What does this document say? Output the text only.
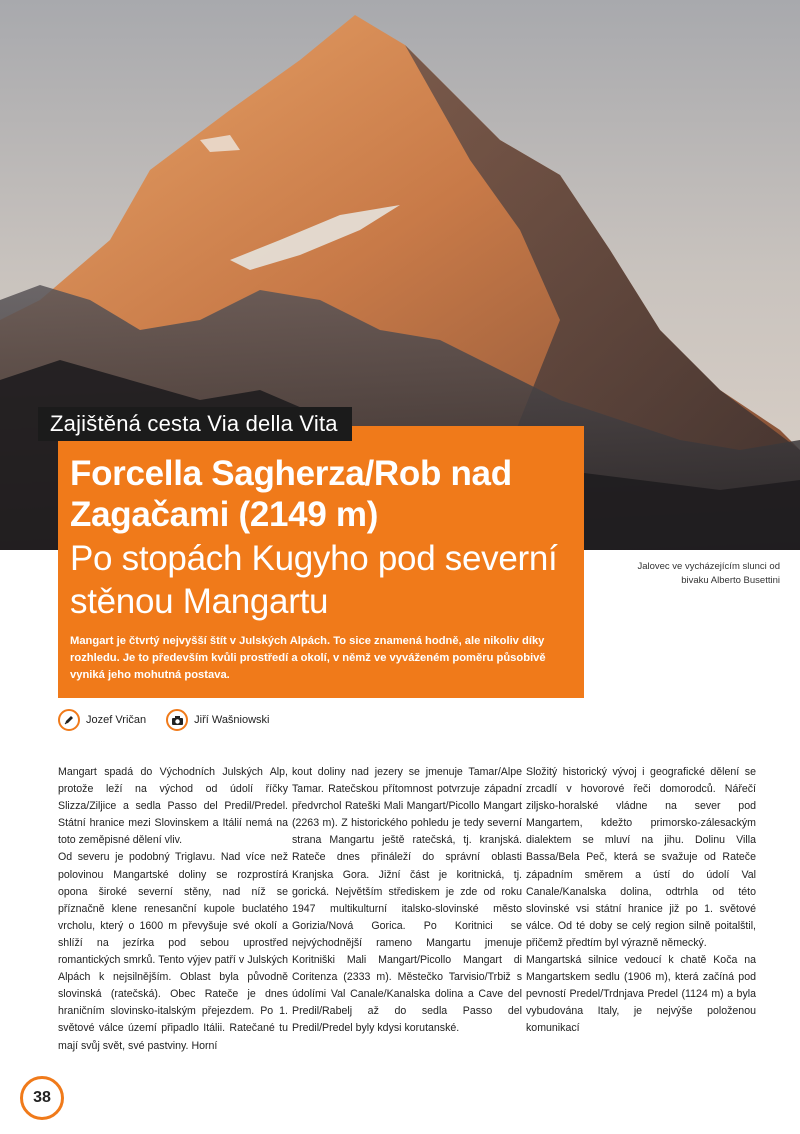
Zajištěná cesta Via della Vita
Forcella Sagherza/Rob nad Zagačami (2149 m)
Po stopách Kugyho pod severní stěnou Mangartu
Mangart je čtvrtý nejvyšší štít v Julských Alpách. To sice znamená hodně, ale nikoliv díky rozhledu. Je to především kvůli prostředí a okolí, v němž ve vyváženém poměru působivě vyniká jeho mohutná postava.
Jalovec ve vycházejícím slunci od bivaku Alberto Busettini
Jozef Vričan	Jiří Wašniowski

Mangart spadá do Východních Julských Alp, protože leží na východ od údolí říčky Slizza/Ziljice a sedla Passo del Predil/Predel. Státní hranice mezi Slovinskem a Itálií nemá na toto zeměpisné dělení vliv.

Od severu je podobný Triglavu. Nad více než polovinou Mangartské doliny se rozprostírá opona široké severní stěny, nad níž se příznačně klene renesanční kupole buclatého vrcholu, který o 1600 m převyšuje své okolí a shlíží na jezírka pod sebou uprostřed romantických smrků. Tento výjev patří v Julských Alpách k nejsilnějším. Oblast byla původně slovinská (ratečská). Obec Rateče je dnes hraničním slovinsko-italským přejezdem. Po 1. světové válce území připadlo Itálii. Ratečané tu mají svůj svět, své pastviny. Horní

kout doliny nad jezery se jmenuje Tamar/Alpe Tamar. Ratečskou přítomnost potvrzuje západní předvrchol Rateški Mali Mangart/Picollo Mangart (2263 m). Z historického pohledu je tedy severní strana Mangartu ještě ratečská, tj. kranjská. Rateče dnes přináleží do správní oblasti Kranjska Gora. Jižní část je koritnická, tj. gorická. Největším střediskem je zde od roku 1947 multikulturní italsko-slovinské město Gorizia/Nová Gorica. Po Koritnici se nejvýchodnější rameno Mangartu jmenuje Koritniški Mali Mangart/Picollo Mangart di Coritenza (2333 m). Městečko Tarvisio/Trbiž s údolími Val Canale/Kanalska dolina a Cave del Predil/Rabelj až do sedla Passo del Predil/Predel byly kdysi korutanské.

Složitý historický vývoj i geografické dělení se zrcadlí v hovorové řeči domorodců. Nářečí ziljsko-horalské vládne na sever pod Mangartem, kdežto primorsko-zálesackým dialektem se mluví na jihu. Dolinu Villa Bassa/Bela Peč, která se svažuje od Rateče západním směrem a ústí do údolí Val Canale/Kanalska dolina, odtrhla od této slovinské vsi státní hranice již po 1. světové válce. Od té doby se celý region silně poitalštil, přičemž předtím byl výrazně německý.

Mangartská silnice vedoucí k chatě Koča na Mangartskem sedlu (1906 m), která začíná pod pevností Predel/Trdnjava Predel (1124 m) a byla vybudována Italy, je nejvýše položenou komunikací

38
